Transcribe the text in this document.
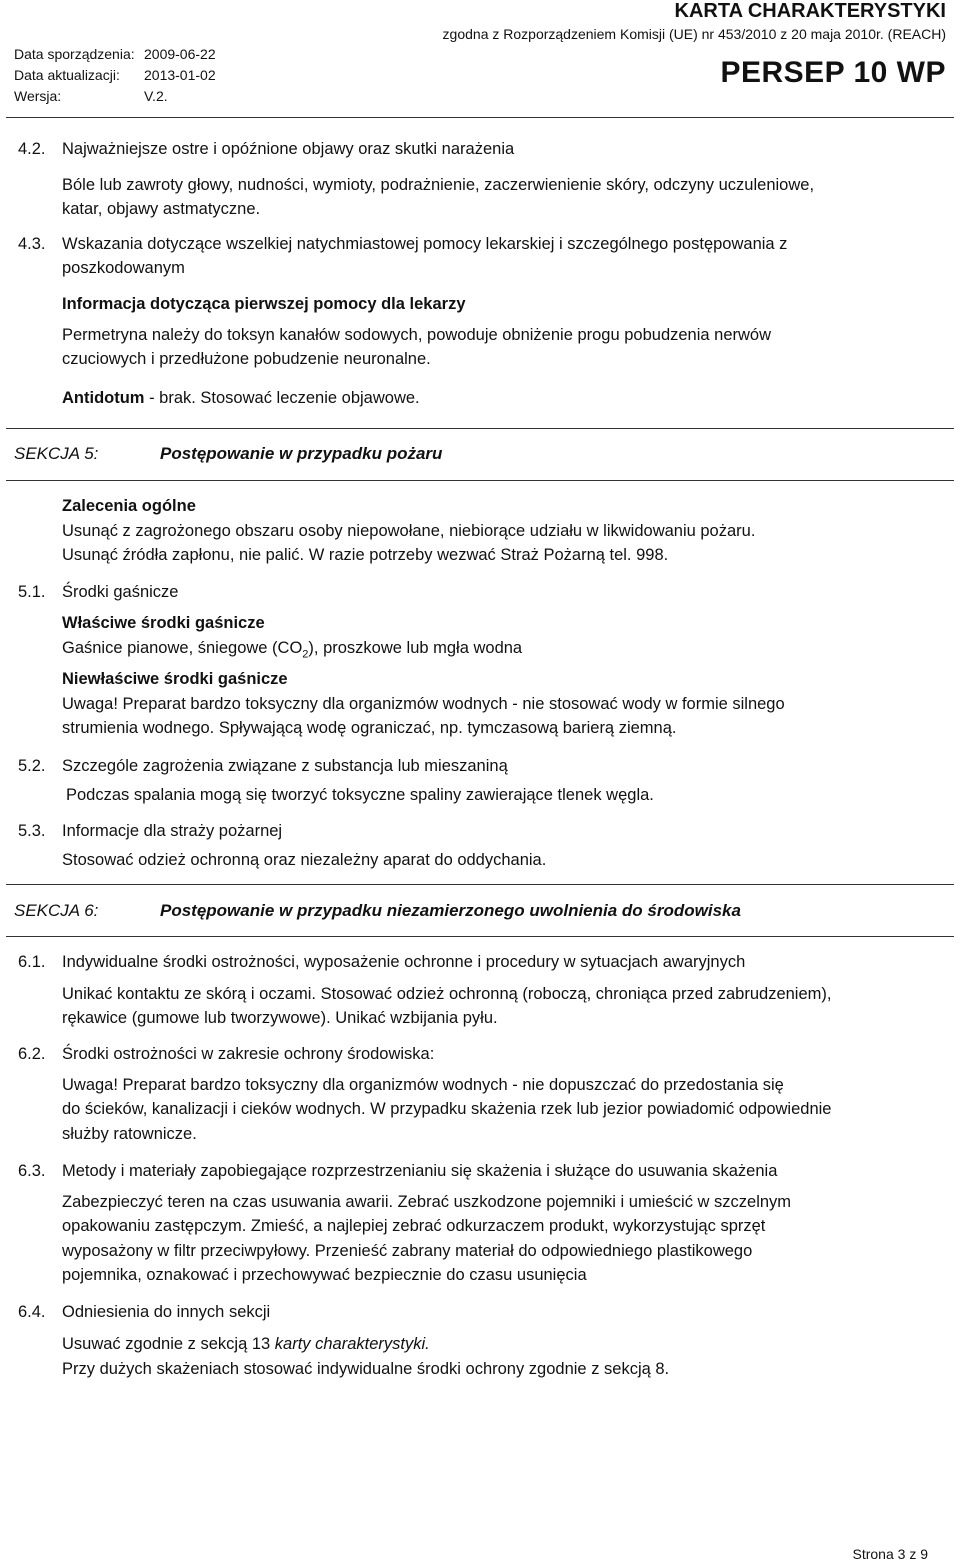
Data sporządzenia: 2009-06-22
Data aktualizacji:	2013-01-02
Wersja:	V.2.
KARTA CHARAKTERYSTYKI
zgodna z Rozporządzeniem Komisji (UE) nr 453/2010 z 20 maja 2010r. (REACH)
PERSEP 10 WP
4.2. Najważniejsze ostre i opóźnione objawy oraz skutki narażenia
Bóle lub zawroty głowy, nudności, wymioty, podrażnienie, zaczerwienienie skóry, odczyny uczuleniowe,
katar, objawy astmatyczne.
4.3. Wskazania dotyczące wszelkiej natychmiastowej pomocy lekarskiej i szczególnego postępowania z
poszkodowanym
Informacja dotycząca pierwszej pomocy dla lekarzy
Permetryna należy do toksyn kanałów sodowych, powoduje obniżenie progu pobudzenia nerwów
czuciowych i przedłużone pobudzenie neuronalne.
Antidotum - brak. Stosować leczenie objawowe.
SEKCJA 5:	Postępowanie w przypadku pożaru
Zalecenia ogólne
Usunąć z zagrożonego obszaru osoby niepowołane, niebiorące udziału w likwidowaniu pożaru.
Usunąć źródła zapłonu, nie palić. W razie potrzeby wezwać Straż Pożarną tel. 998.
5.1. Środki gaśnicze
Właściwe środki gaśnicze
Gaśnice pianowe, śniegowe $(CO_2)$, proszkowe lub mgła wodna
Niewłaściwe środki gaśnicze
Uwaga! Preparat bardzo toksyczny dla organizmów wodnych - nie stosować wody w formie silnego
strumienia wodnego. Spływającą wodę ograniczać, np. tymczasową barierą ziemną.
5.2. Szczególe zagrożenia związane z substancja lub mieszaniną
Podczas spalania mogą się tworzyć toksyczne spaliny zawierające tlenek węgla.
5.3. Informacje dla straży pożarnej
Stosować odzież ochronną oraz niezależny aparat do oddychania.
SEKCJA 6:	Postępowanie w przypadku niezamierzonego uwolnienia do środowiska
6.1. Indywidualne środki ostrożności, wyposażenie ochronne i procedury w sytuacjach awaryjnych
Unikać kontaktu ze skórą i oczami. Stosować odzież ochronną (roboczą, chroniąca przed zabrudzeniem),
rękawice (gumowe lub tworzywowe). Unikać wzbijania pyłu.
6.2. Środki ostrożności w zakresie ochrony środowiska:
Uwaga! Preparat bardzo toksyczny dla organizmów wodnych - nie dopuszczać do przedostania się
do ścieków, kanalizacji i cieków wodnych. W przypadku skażenia rzek lub jezior powiadomić odpowiednie
służby ratownicze.
6.3. Metody i materiały zapobiegające rozprzestrzenianiu się skażenia i służące do usuwania skażenia
Zabezpieczyć teren na czas usuwania awarii. Zebrać uszkodzone pojemniki i umieścić w szczelnym
opakowaniu zastępczym. Zmieść, a najlepiej zebrać odkurzaczem produkt, wykorzystując sprzęt
wyposażony w filtr przeciwpyłowy. Przenieść zabrany materiał do odpowiedniego plastikowego
pojemnika, oznakować i przechowywać bezpiecznie do czasu usunięcia
6.4. Odniesienia do innych sekcji
Usuwać zgodnie z sekcją 13 karty charakterystyki.
Przy dużych skażeniach stosować indywidualne środki ochrony zgodnie z sekcją 8.
Strona 3 z 9
